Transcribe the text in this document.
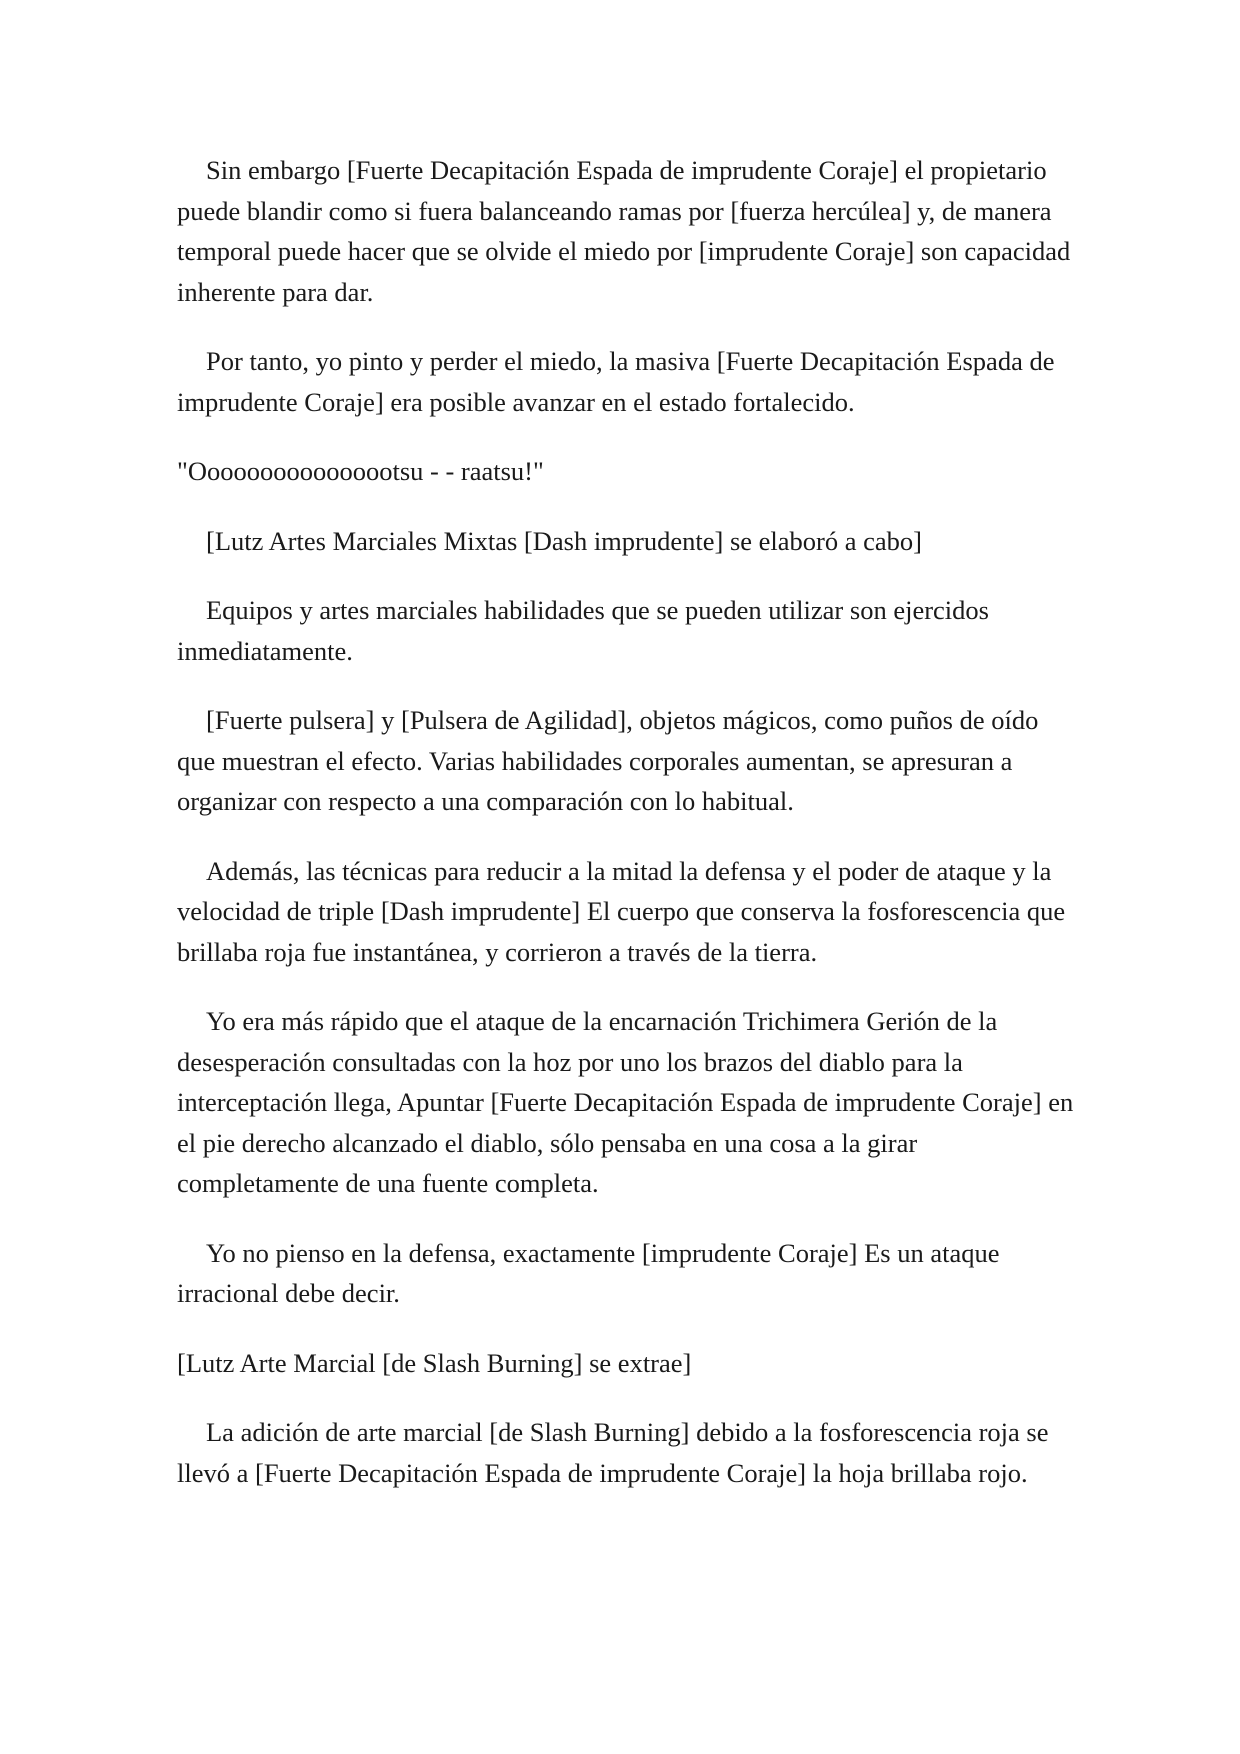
Sin embargo [Fuerte Decapitación Espada de imprudente Coraje] el propietario puede blandir como si fuera balanceando ramas por [fuerza hercúlea] y, de manera temporal puede hacer que se olvide el miedo por [imprudente Coraje] son capacidad inherente para dar.

Por tanto, yo pinto y perder el miedo, la masiva [Fuerte Decapitación Espada de imprudente Coraje] era posible avanzar en el estado fortalecido.

"Oooooooooooooootsu - - raatsu!"

[Lutz Artes Marciales Mixtas [Dash imprudente] se elaboró a cabo]

Equipos y artes marciales habilidades que se pueden utilizar son ejercidos inmediatamente.

[Fuerte pulsera] y [Pulsera de Agilidad], objetos mágicos, como puños de oído que muestran el efecto. Varias habilidades corporales aumentan, se apresuran a organizar con respecto a una comparación con lo habitual.

Además, las técnicas para reducir a la mitad la defensa y el poder de ataque y la velocidad de triple [Dash imprudente] El cuerpo que conserva la fosforescencia que brillaba roja fue instantánea, y corrieron a través de la tierra.

Yo era más rápido que el ataque de la encarnación Trichimera Gerión de la desesperación consultadas con la hoz por uno los brazos del diablo para la interceptación llega, Apuntar [Fuerte Decapitación Espada de imprudente Coraje] en el pie derecho alcanzado el diablo, sólo pensaba en una cosa a la girar completamente de una fuente completa.

Yo no pienso en la defensa, exactamente [imprudente Coraje] Es un ataque irracional debe decir.

[Lutz Arte Marcial [de Slash Burning] se extrae]

La adición de arte marcial [de Slash Burning] debido a la fosforescencia roja se llevó a [Fuerte Decapitación Espada de imprudente Coraje] la hoja brillaba rojo.
